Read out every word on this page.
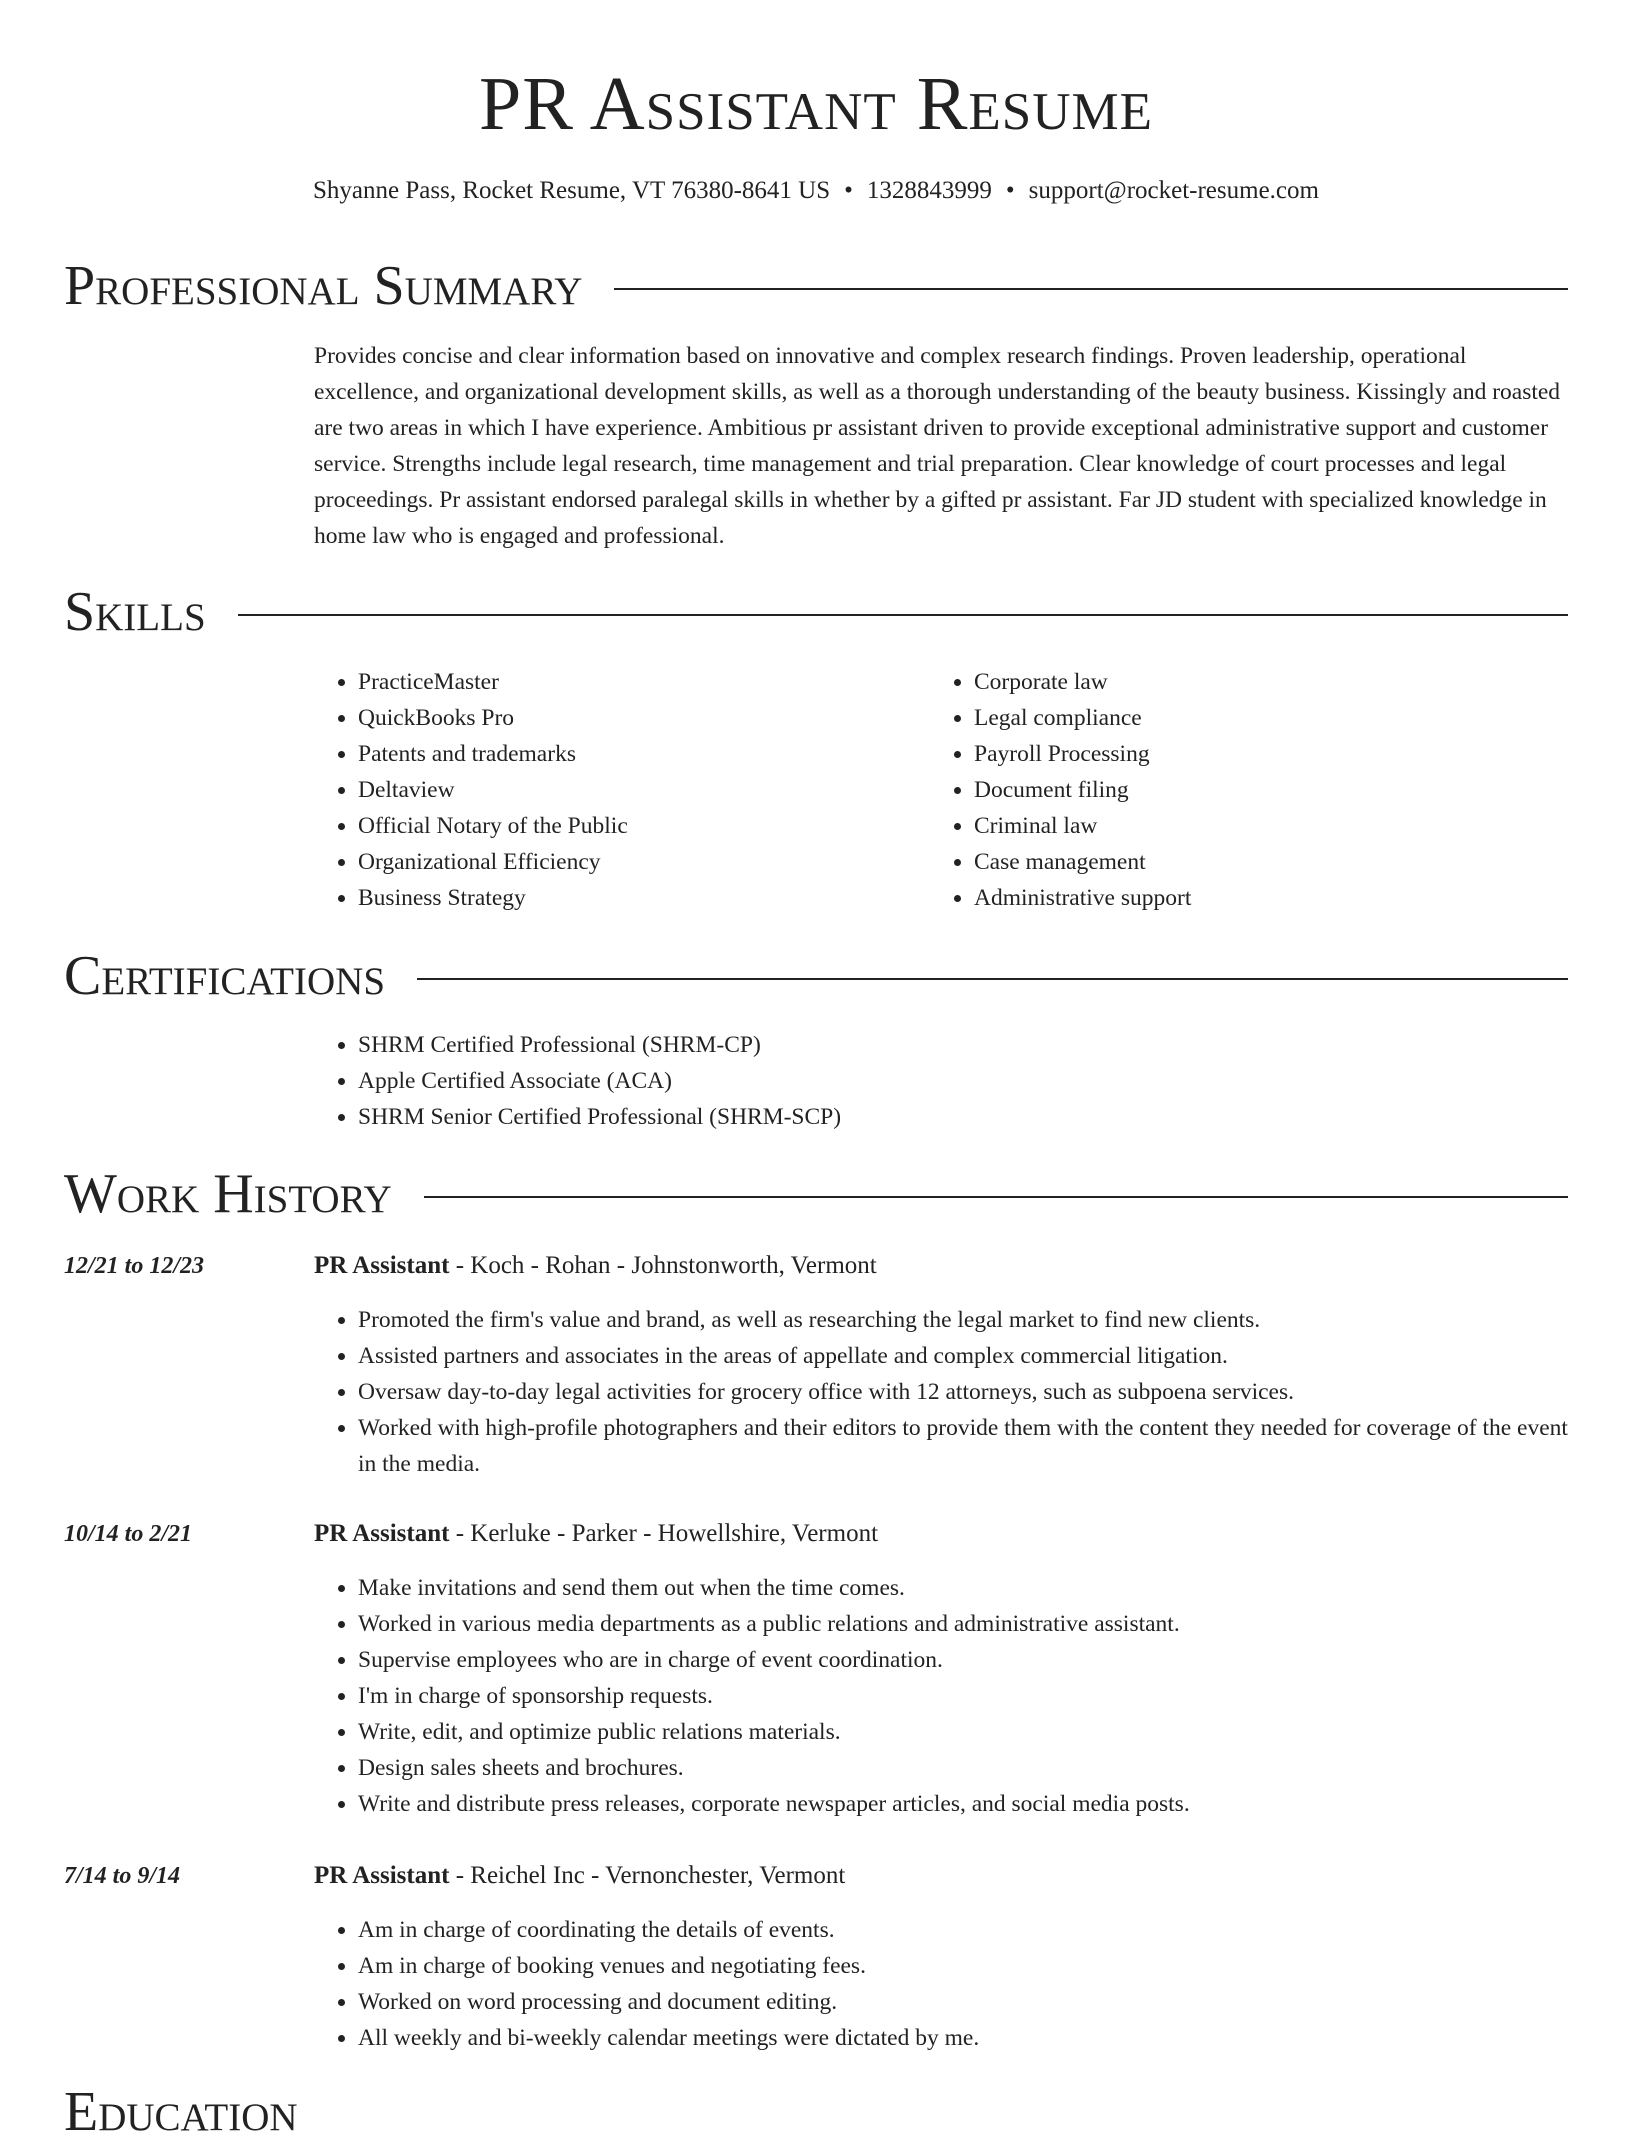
PR Assistant Resume
Shyanne Pass, Rocket Resume, VT 76380-8641 US • 1328843999 • support@rocket-resume.com
Professional Summary

Provides concise and clear information based on innovative and complex research findings. Proven leadership, operational excellence, and organizational development skills, as well as a thorough understanding of the beauty business. Kissingly and roasted are two areas in which I have experience. Ambitious pr assistant driven to provide exceptional administrative support and customer service. Strengths include legal research, time management and trial preparation. Clear knowledge of court processes and legal proceedings. Pr assistant endorsed paralegal skills in whether by a gifted pr assistant. Far JD student with specialized knowledge in home law who is engaged and professional.

Skills
• PracticeMaster
• QuickBooks Pro
• Patents and trademarks
• Deltaview
• Official Notary of the Public
• Organizational Efficiency
• Business Strategy
• Corporate law
• Legal compliance
• Payroll Processing
• Document filing
• Criminal law
• Case management
• Administrative support
Certifications
• SHRM Certified Professional (SHRM-CP)
• Apple Certified Associate (ACA)
• SHRM Senior Certified Professional (SHRM-SCP)
Work History
12/21 to 12/23	PR Assistant - Koch - Rohan - Johnstonworth, Vermont
• Promoted the firm's value and brand, as well as researching the legal market to find new clients.
• Assisted partners and associates in the areas of appellate and complex commercial litigation.
• Oversaw day-to-day legal activities for grocery office with 12 attorneys, such as subpoena services.
• Worked with high-profile photographers and their editors to provide them with the content they needed for coverage of the event in the media.
10/14 to 2/21	PR Assistant - Kerluke - Parker - Howellshire, Vermont
• Make invitations and send them out when the time comes.
• Worked in various media departments as a public relations and administrative assistant.
• Supervise employees who are in charge of event coordination.
• I'm in charge of sponsorship requests.
• Write, edit, and optimize public relations materials.
• Design sales sheets and brochures.
• Write and distribute press releases, corporate newspaper articles, and social media posts.
7/14 to 9/14	PR Assistant - Reichel Inc - Vernonchester, Vermont
• Am in charge of coordinating the details of events.
• Am in charge of booking venues and negotiating fees.
• Worked on word processing and document editing.
• All weekly and bi-weekly calendar meetings were dictated by me.
Education
